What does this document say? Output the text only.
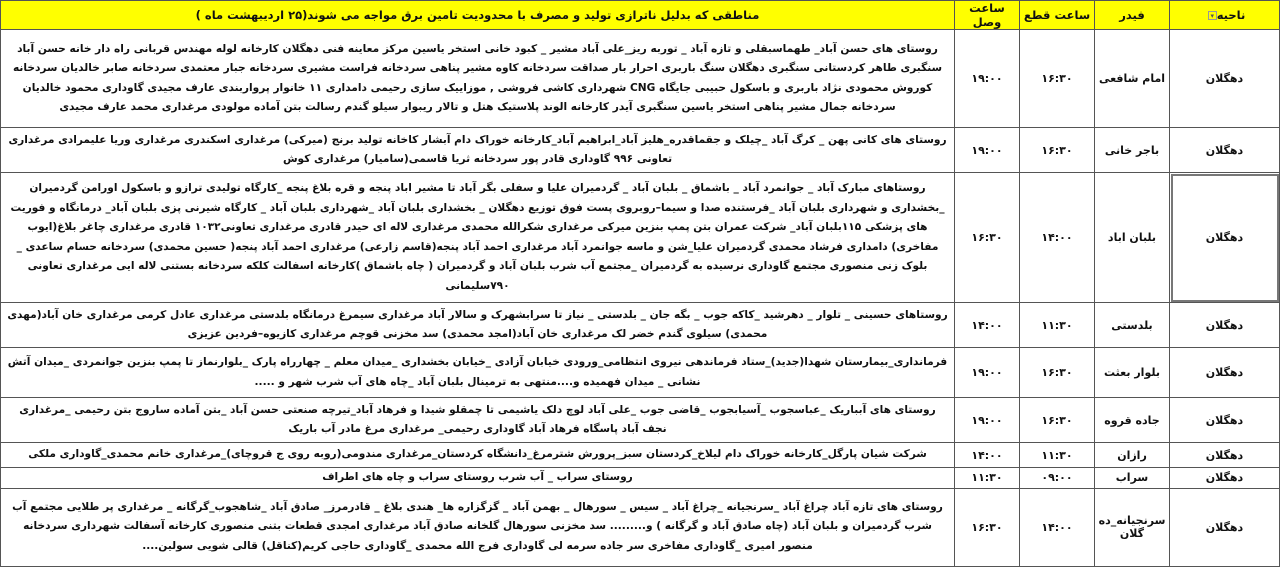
ناحیه▾	فیدر	ساعت قطع	ساعت وصل	مناطقی که بدلیل ناترازی تولید و مصرف با محدودیت تامین برق مواجه می شوند(۲۵ اردیبهشت ماه )
دهگلان	امام شافعی	۱۶:۳۰	۱۹:۰۰	روستای های حسن آباد_ طهماسبقلی و تازه آباد _ توربه ریز_علی آباد مشیر _ کبود خانی استخر یاسین مرکز معاینه فنی دهگلان کارخانه لوله مهندس قربانی راه دار خانه حسن آباد سنگبری طاهر کردستانی سنگبری دهگلان سنگ باربری احرار بار صداقت سردخانه کاوه مشیر پناهی سردخانه فراست مشیری سردخانه جبار معتمدی سردخانه صابر خالدیان سردخانه کوروش محمودی نژاد باربری و باسکول حبیبی جایگاه CNG شهرداری کاشی فروشی , موزاییک سازی رحیمی دامداری ۱۱ خانوار پرواربندی عارف مجیدی گاوداری محمود خالدیان سردخانه جمال مشیر پناهی استخر یاسین سنگبری آیدر کارخانه الوند پلاستیک هتل و تالار ریبوار سیلو گندم رسالت بتن آماده مولودی مرغداری محمد عارف مجیدی
دهگلان	باجر خانی	۱۶:۳۰	۱۹:۰۰	روستای های کانی پهن _ کرگ آباد _چیلک و جقماقدره_هلیز آباد_ابراهیم آباد_کارخانه خوراک دام آبشار کاخانه تولید برنج (میرکی) مرغداری اسکندری مرغداری وریا علیمرادی مرغداری تعاونی ۹۹۶ گاوداری قادر پور سردخانه ثریا قاسمی(سامیار) مرغداری کوش
دهگلان	بلبان اباد	۱۴:۰۰	۱۶:۳۰	روستاهای مبارک آباد _ جوانمرد آباد _ باشماق _ بلبان آباد _ گردمیران علیا و سفلی بگر آباد تا مشیر اباد پنجه و قره بلاغ پنجه _کارگاه تولیدی ترازو و باسکول اورامن گردمیران _بخشداری و شهرداری بلبان آباد _فرستنده صدا و سیما–روبروی پست فوق توزیع دهگلان _ بخشداری بلبان آباد _شهرداری بلبان آباد _ کارگاه شیرنی پزی بلبان آباد_ درمانگاه و فوریت های پزشکی ۱۱۵بلبان آباد_ شرکت عمران بتن پمپ بنزین میرکی مرغداری شکرالله محمدی مرغداری لاله ای حیدر قادری مرغداری تعاونی۱۰۳۲ قادری مرغداری چاغر بلاغ(ایوب مفاخری) دامداری فرشاد محمدی گردمیران علیا_شن و ماسه جوانمرد آباد مرغداری احمد آباد پنجه(قاسم زارعی) مرغداری احمد آباد پنجه( حسین محمدی) سردخانه حسام ساعدی _ بلوک زنی منصوری مجتمع گاوداری نرسیده به گردمیران _مجتمع آب شرب بلبان آباد و گردمیران ( چاه باشماق )کارخانه اسفالت کلکه سردخانه بستنی لاله ایی مرغداری تعاونی ۷۹۰سلیمانی
دهگلان	بلدستی	۱۱:۳۰	۱۴:۰۰	روستاهای حسینی _ تلوار _ دهرشید _کاکه جوب _ بگه جان _ بلدستی _ نیاز تا سرابشهرک و سالار آباد مرغداری سیمرغ درمانگاه بلدستی مرغداری عادل کرمی مرغداری خان آباد(مهدی محمدی) سیلوی گندم خضر لک مرغداری خان آباد(امجد محمدی) سد مخزنی قوچم مرغداری کازیوه–فردین عزیزی
دهگلان	بلوار بعثت	۱۶:۳۰	۱۹:۰۰	فرمانداری_بیمارستان شهدا(جدید)_ستاد فرماندهی نیروی انتظامی_ورودی خیابان آزادی _خیابان بخشداری _میدان معلم _ چهارراه پارک _بلوارنماز تا پمپ بنزین جوانمردی _میدان آتش نشانی _ میدان فهمیده و....منتهی به ترمینال بلبان آباد _چاه های آب شرب شهر و .....
دهگلان	جاده قروه	۱۶:۳۰	۱۹:۰۰	روستای های آبباریک _عباسجوب _آسیابجوب _قاضی جوب _علی آباد لوچ دلک یاشیمی تا چمقلو شیدا و فرهاد آباد_تیرچه صنعتی حسن آباد _بتن آماده ساروج بتن رحیمی _مرغداری نجف آباد پاسگاه فرهاد آباد گاوداری رحیمی_ مرغداری مرغ مادر آب باریک
دهگلان	رازان	۱۱:۳۰	۱۴:۰۰	شرکت شیان پارگل_کارخانه خوراک دام لیلاخ_کردستان سبز_پرورش شترمرغ_دانشگاه کردستان_مرغداری مندومی(روبه روی ج قروچای)_مرغداری خانم محمدی_گاوداری ملکی
دهگلان	سراب	۰۹:۰۰	۱۱:۳۰	روستای سراب _ آب شرب روستای سراب و چاه های اطراف
دهگلان	سرنجیانه_ده گلان	۱۴:۰۰	۱۶:۳۰	روستای های تازه آباد چراغ آباد _سرنجیانه _چراغ آباد _ سیس _ سورهال _ بهمن آباد _ گزگزاره ها_ هندی بلاغ _ قادرمرز_ صادق آباد _شاهجوب_گرگانه _ مرغداری پر طلایی مجتمع آب شرب گردمیران و بلبان آباد (چاه صادق آباد و گرگانه ) و......... سد مخزنی سورهال گلخانه صادق آباد مرغداری امجدی قطعات بتنی منصوری کارخانه آسفالت شهرداری سردخانه منصور امیری _گاوداری مفاخری سر جاده سرمه لی گاوداری فرج الله محمدی _گاوداری حاجی کریم(کناقل) قالی شویی سولین....
